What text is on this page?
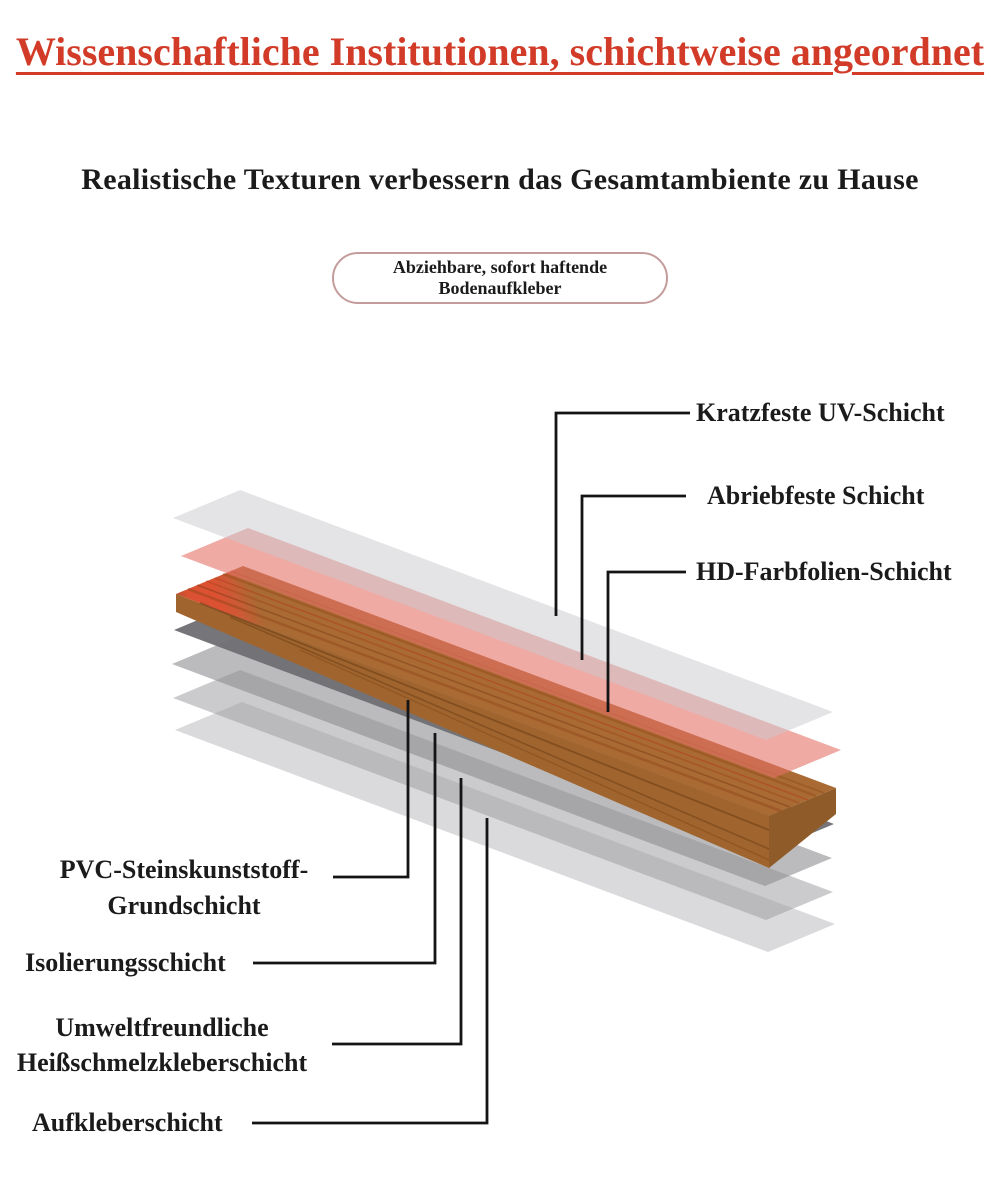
Wissenschaftliche Institutionen, schichtweise angeordnet
Realistische Texturen verbessern das Gesamtambiente zu Hause
Abziehbare, sofort haftende
Bodenaufkleber
Kratzfeste UV-Schicht
Abriebfeste Schicht
HD-Farbfolien-Schicht
PVC-Steinskunststoff-Grundschicht
Isolierungsschicht
Umweltfreundliche Heißschmelzkleberschicht
Aufkleberschicht
